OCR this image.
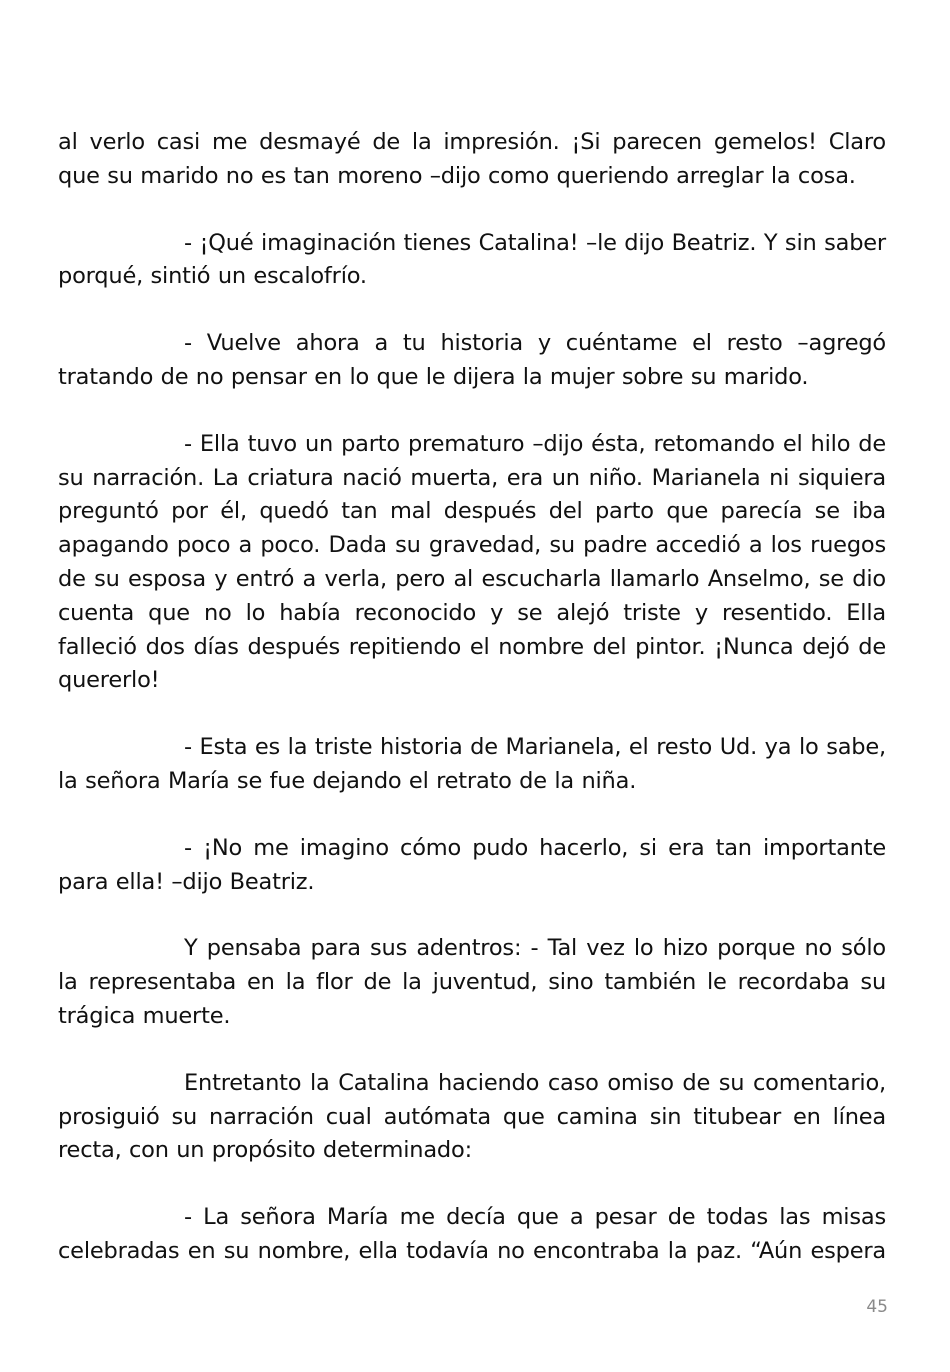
al verlo casi me desmayé de la impresión. ¡Si parecen gemelos! Claro que su marido no es tan moreno –dijo como queriendo arreglar la cosa.

- ¡Qué imaginación tienes Catalina! –le dijo Beatriz. Y sin saber porqué, sintió un escalofrío.

- Vuelve ahora a tu historia y cuéntame el resto –agregó tratando de no pensar en lo que le dijera la mujer sobre su marido.

- Ella tuvo un parto prematuro –dijo ésta, retomando el hilo de su narración. La criatura nació muerta, era un niño. Marianela ni siquiera preguntó por él, quedó tan mal después del parto que parecía se iba apagando poco a poco. Dada su gravedad, su padre accedió a los ruegos de su esposa y entró a verla, pero al escucharla llamarlo Anselmo, se dio cuenta que no lo había reconocido y se alejó triste y resentido. Ella falleció dos días después repitiendo el nombre del pintor. ¡Nunca dejó de quererlo!

- Esta es la triste historia de Marianela, el resto Ud. ya lo sabe, la señora María se fue dejando el retrato de la niña.

- ¡No me imagino cómo pudo hacerlo, si era tan importante para ella! –dijo Beatriz.

Y pensaba para sus adentros: - Tal vez lo hizo porque no sólo la representaba en la flor de la juventud, sino también le recordaba su trágica muerte.

Entretanto la Catalina haciendo caso omiso de su comentario, prosiguió su narración cual autómata que camina sin titubear en línea recta, con un propósito determinado:

- La señora María me decía que a pesar de todas las misas celebradas en su nombre, ella todavía no encontraba la paz. “Aún espera

45
